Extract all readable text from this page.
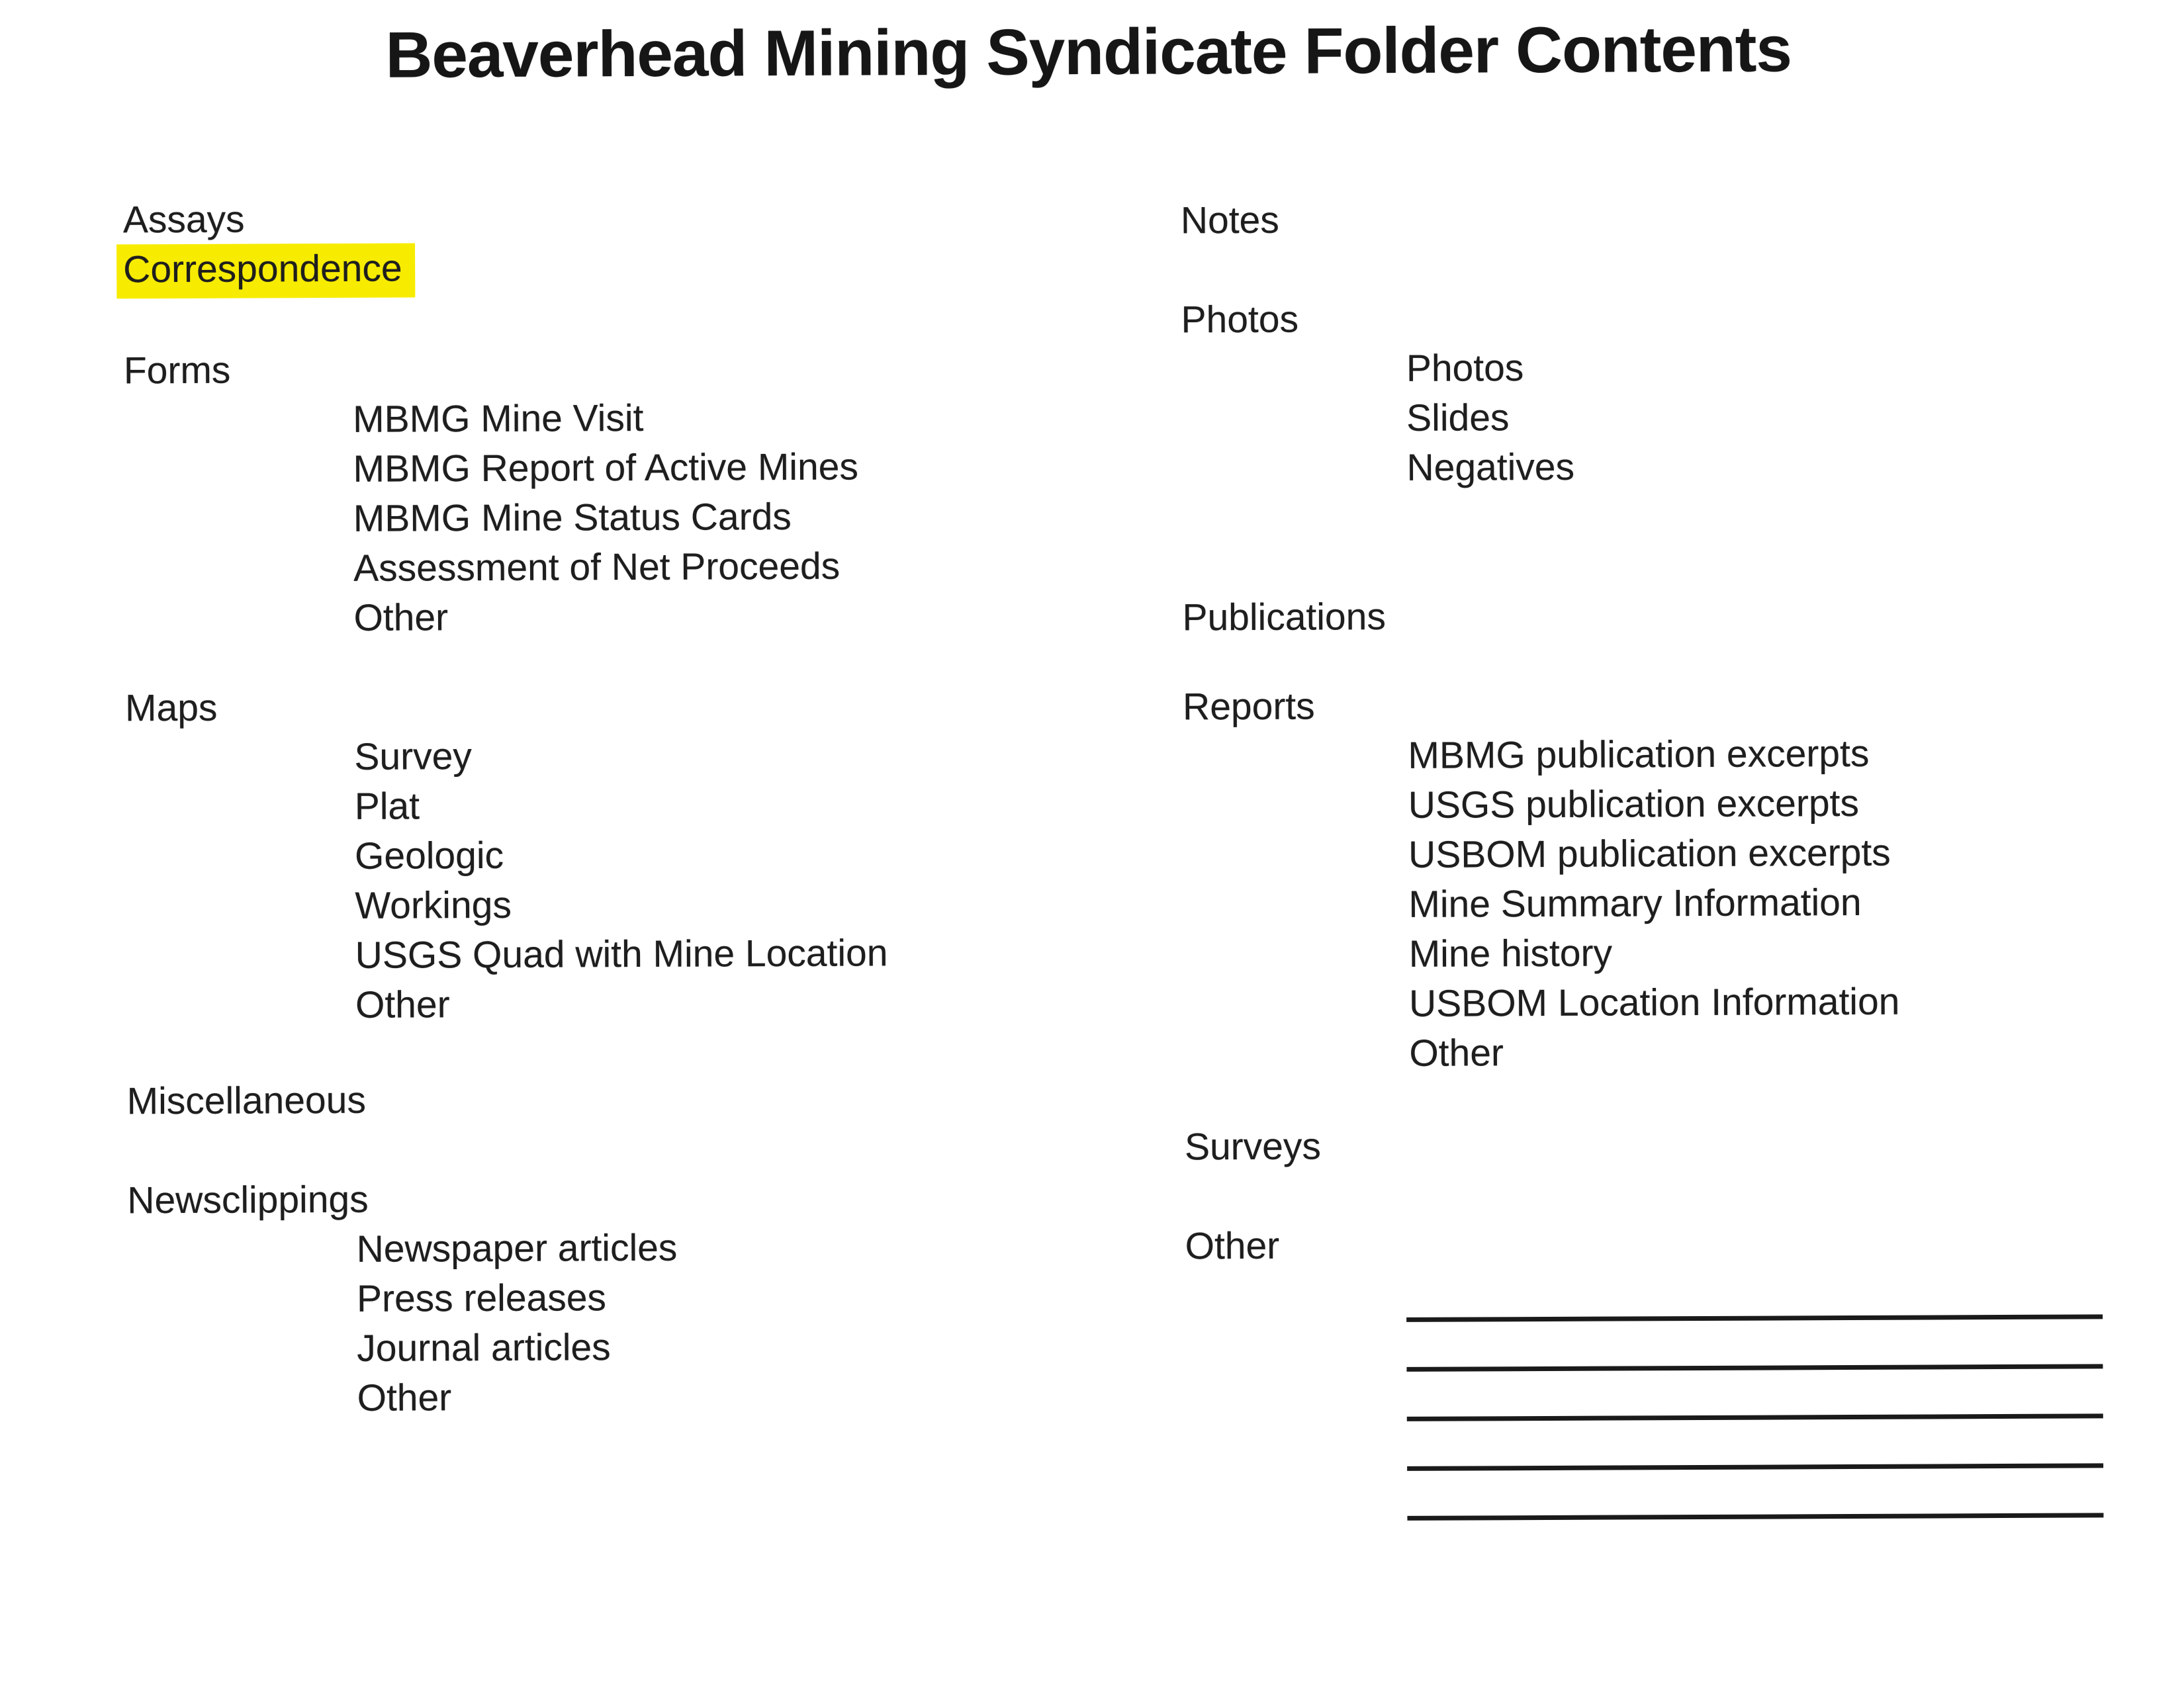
Beaverhead Mining Syndicate Folder Contents
Assays
Correspondence
Forms
MBMG Mine Visit
MBMG Report of Active Mines
MBMG Mine Status Cards
Assessment of Net Proceeds
Other
Maps
Survey
Plat
Geologic
Workings
USGS Quad with Mine Location
Other
Miscellaneous
Newsclippings
Newspaper articles
Press releases
Journal articles
Other
Notes
Photos
Photos
Slides
Negatives
Publications
Reports
MBMG publication excerpts
USGS publication excerpts
USBOM publication excerpts
Mine Summary Information
Mine history
USBOM Location Information
Other
Surveys
Other
